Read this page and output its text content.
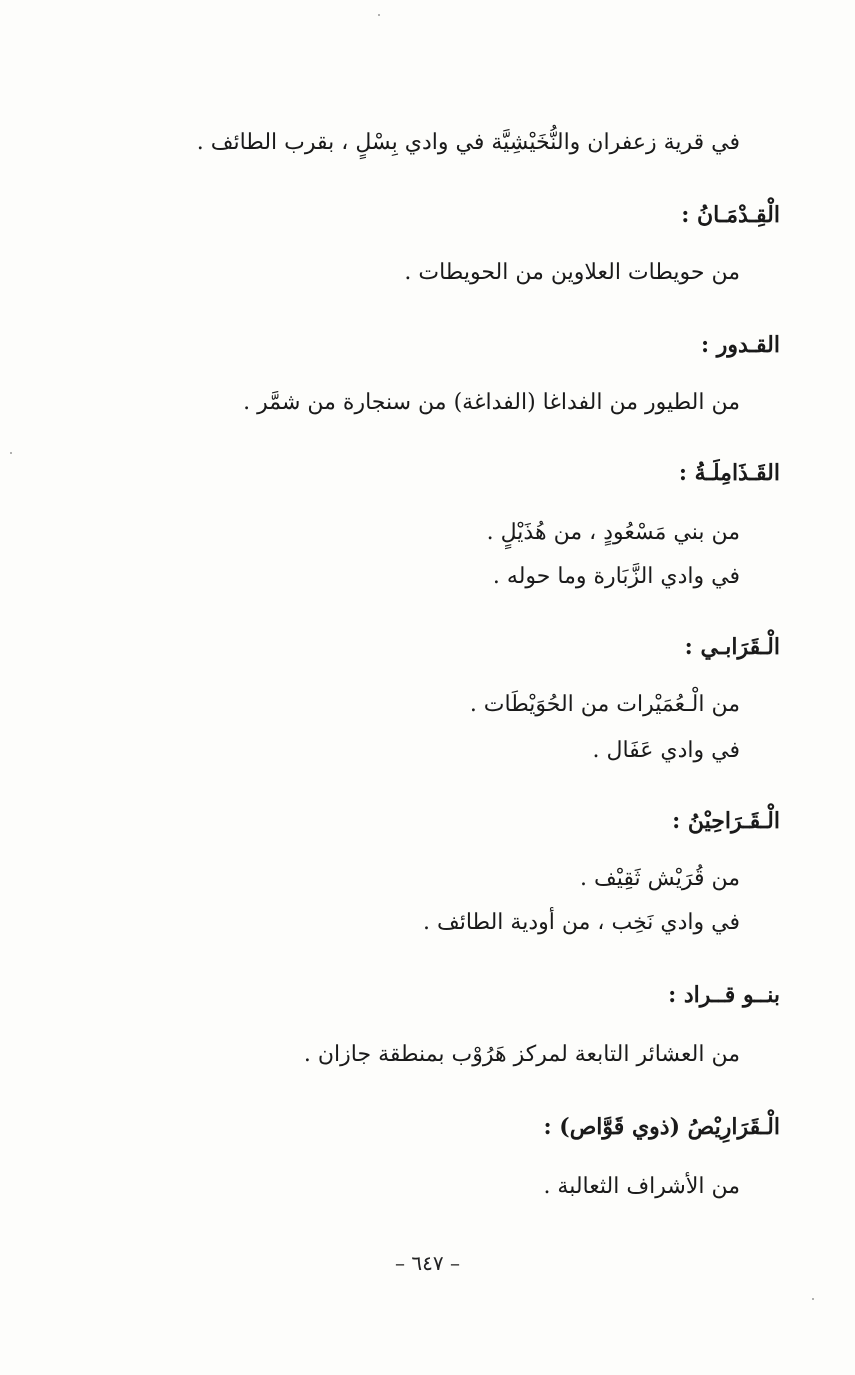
في قرية زعفران والنُّخَيْشِيَّة في وادي بِسْلٍ ، بقرب الطائف .
الْقِـدْمَـانُ :
من حويطات العلاوين من الحويطات .
القـدور :
من الطيور من الفداغا (الفداغة) من سنجارة من شمَّر .
القَـذَامِلَـةُ :
من بني مَسْعُودٍ ، من هُذَيْلٍ .
في وادي الزَّبَارة وما حوله .
الْـقَرَابـي :
من الْـعُمَيْرات من الحُوَيْطَات .
في وادي عَفَال .
الْـقَـرَاحِيْنُ :
من قُرَيْش ثَقِيْف .
في وادي نَخِب ، من أودية الطائف .
بنــو قــراد :
من العشائر التابعة لمركز هَرُوْب بمنطقة جازان .
الْـقَرَارِيْصُ (ذوي قَوَّاص) :
من الأشراف الثعالبة .
– ٦٤٧ –
